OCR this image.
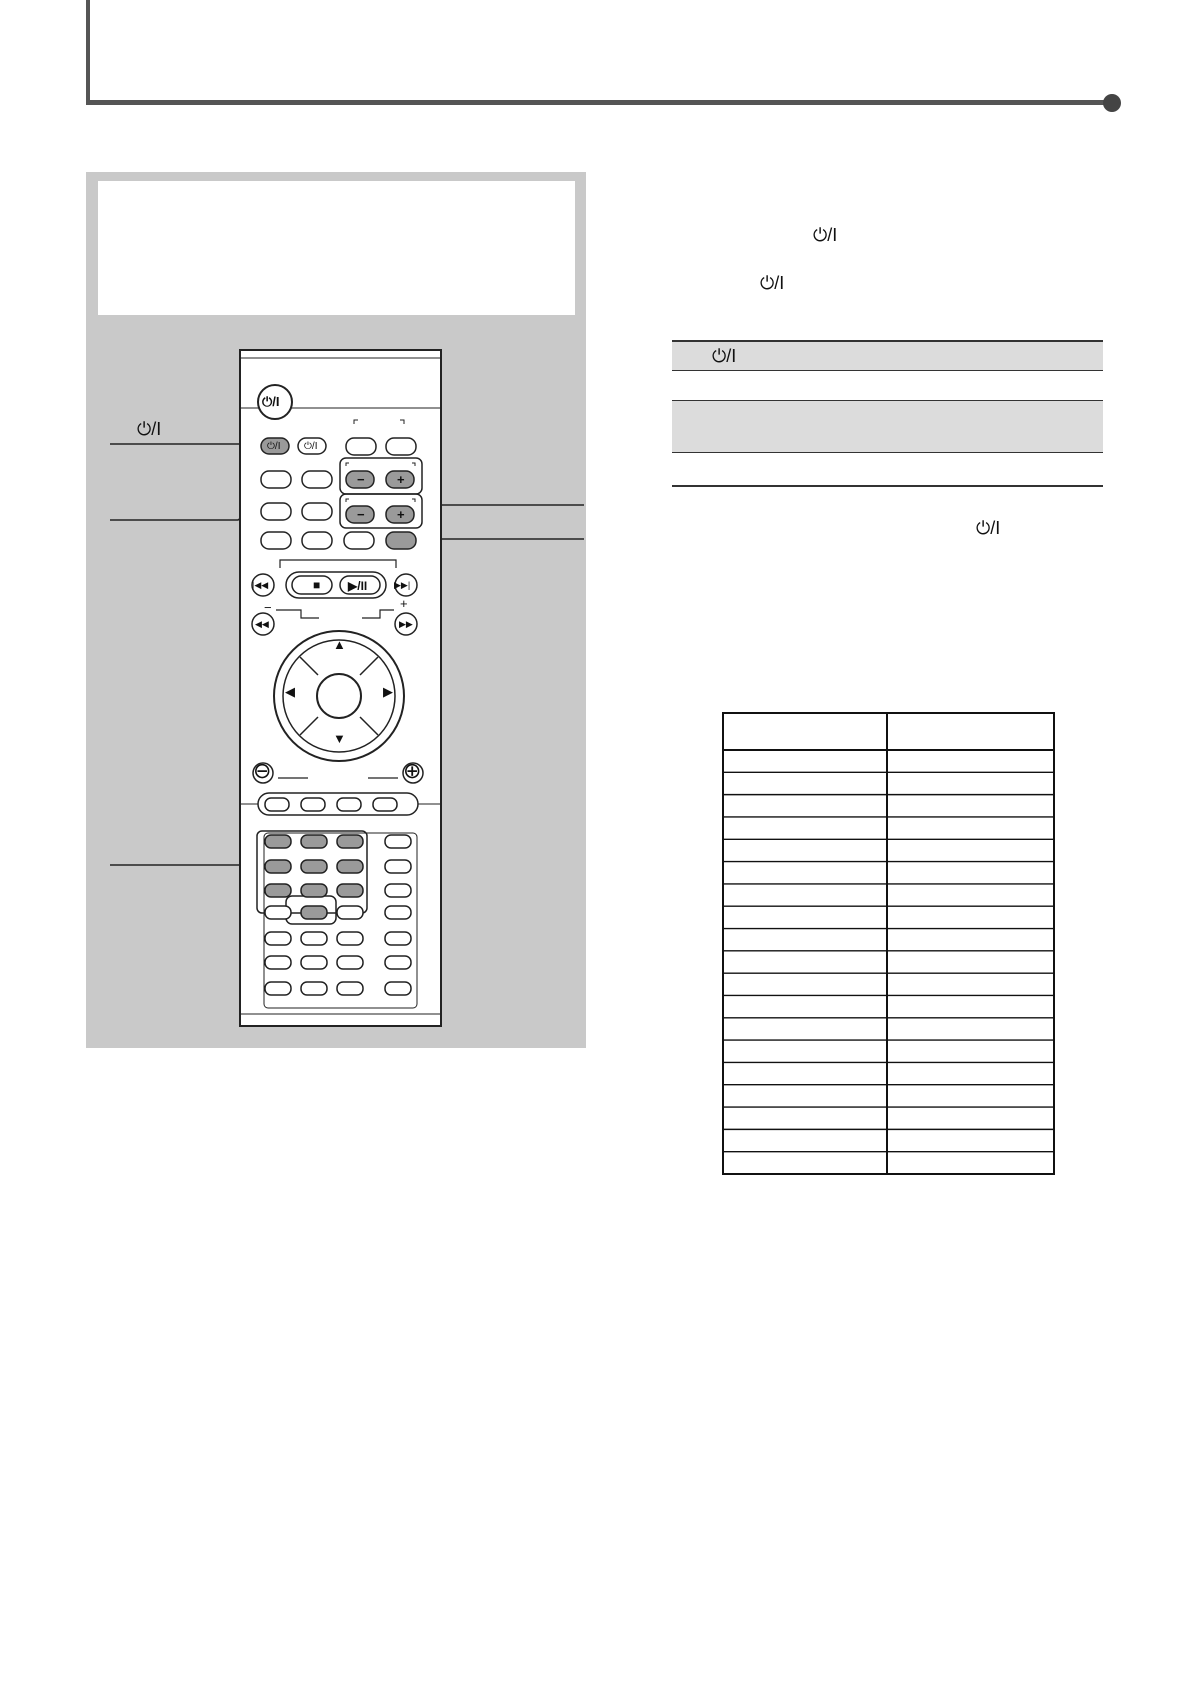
⏻/I
⏻/I
⏻/I ⏻/I
− +
− +
|◀◀	■ ▶/II	▶▶|
−	+
◀◀	▶▶
▲
▼
◀	▶
⊖	⊕
⏻/I
⏻/I
⏻/I
⏻/I
